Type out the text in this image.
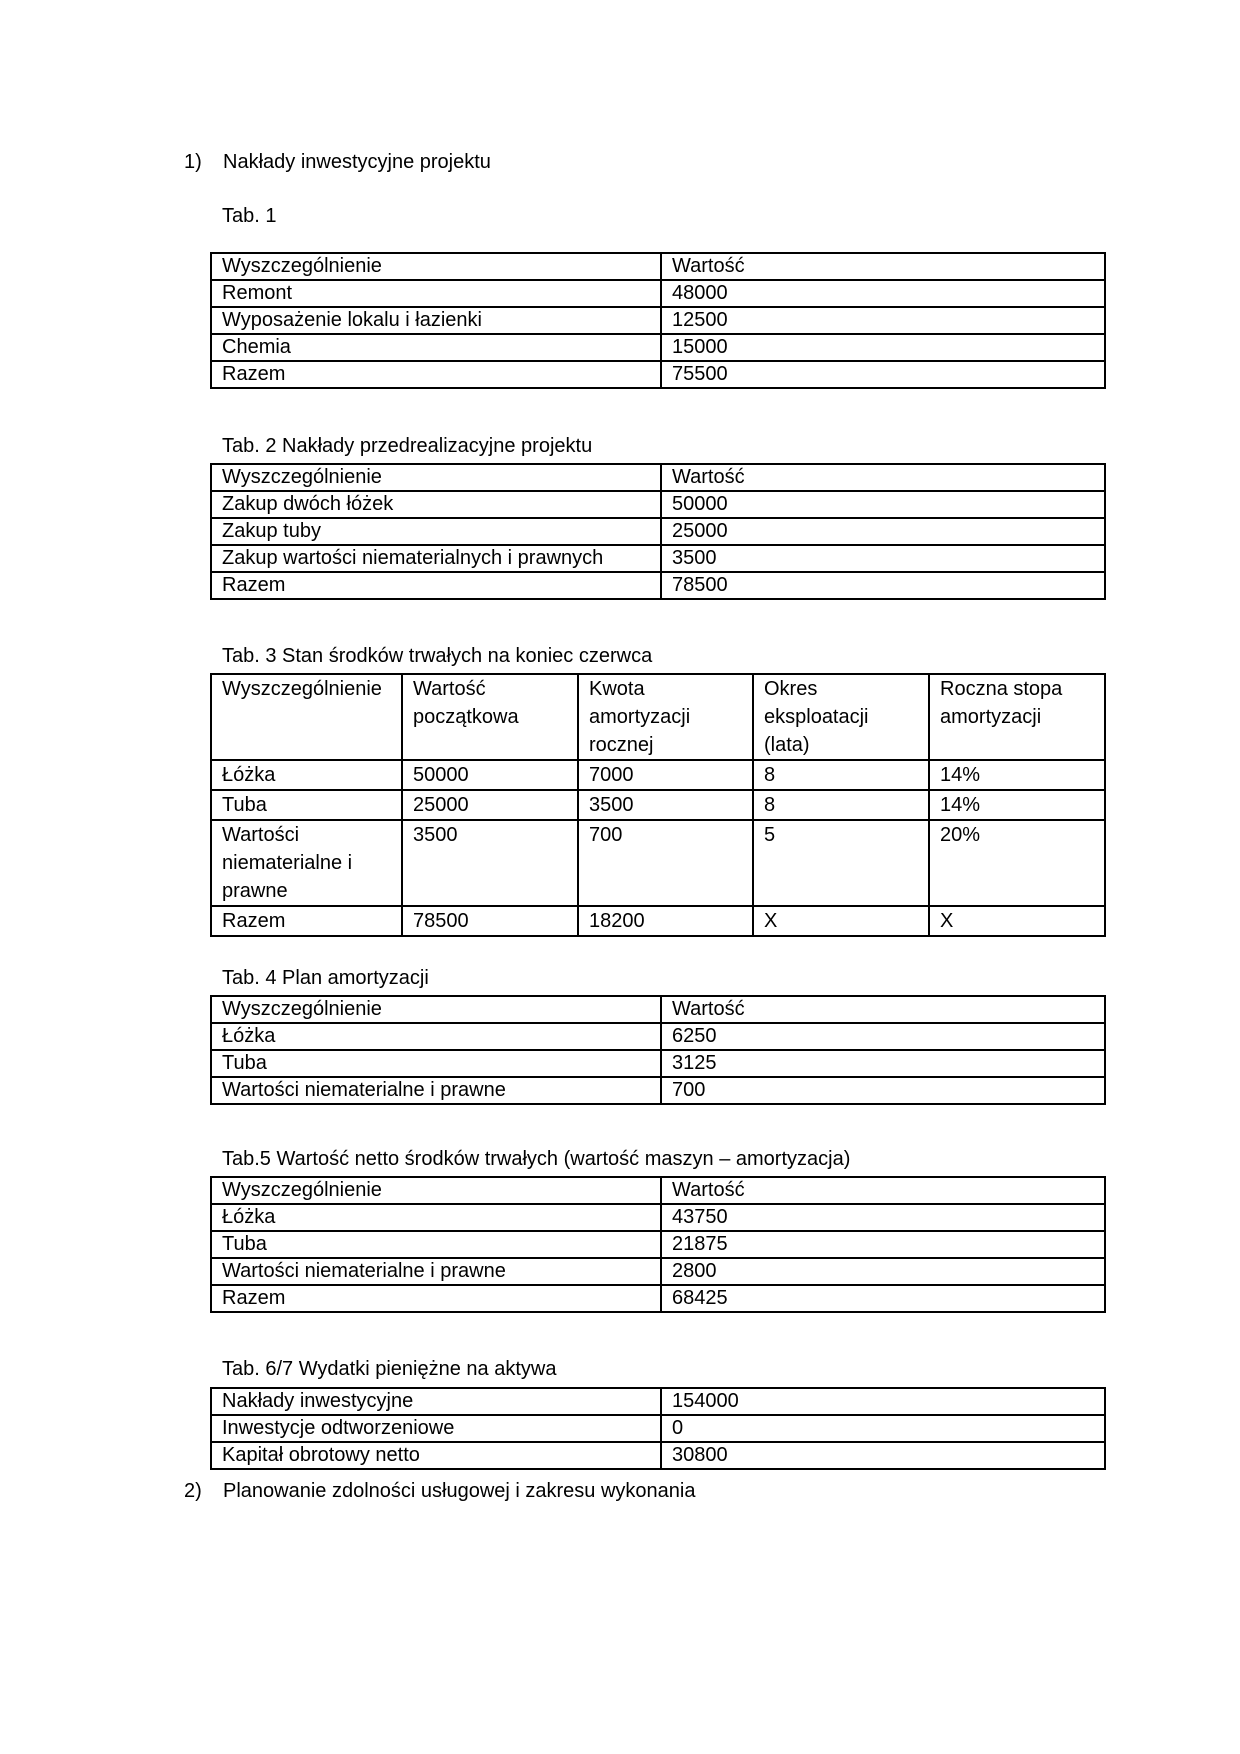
1) Nakłady inwestycyjne projektu
Tab. 1
Wyszczególnienie	Wartość
Remont	48000
Wyposażenie lokalu i łazienki	12500
Chemia	15000
Razem	75500
Tab. 2 Nakłady przedrealizacyjne projektu
Wyszczególnienie	Wartość
Zakup dwóch łóżek	50000
Zakup tuby	25000
Zakup wartości niematerialnych i prawnych	3500
Razem	78500
Tab. 3 Stan środków trwałych na koniec czerwca
Wyszczególnienie	Wartość początkowa	Kwota amortyzacji rocznej	Okres eksploatacji (lata)	Roczna stopa amortyzacji
Łóżka	50000	7000	8	14%
Tuba	25000	3500	8	14%
Wartości niematerialne i prawne	3500	700	5	20%
Razem	78500	18200	X	X
Tab. 4 Plan amortyzacji
Wyszczególnienie	Wartość
Łóżka	6250
Tuba	3125
Wartości niematerialne i prawne	700
Tab.5 Wartość netto środków trwałych (wartość maszyn – amortyzacja)
Wyszczególnienie	Wartość
Łóżka	43750
Tuba	21875
Wartości niematerialne i prawne	2800
Razem	68425
Tab. 6/7 Wydatki pieniężne na aktywa
Nakłady inwestycyjne	154000
Inwestycje odtworzeniowe	0
Kapitał obrotowy netto	30800
2) Planowanie zdolności usługowej i zakresu wykonania
